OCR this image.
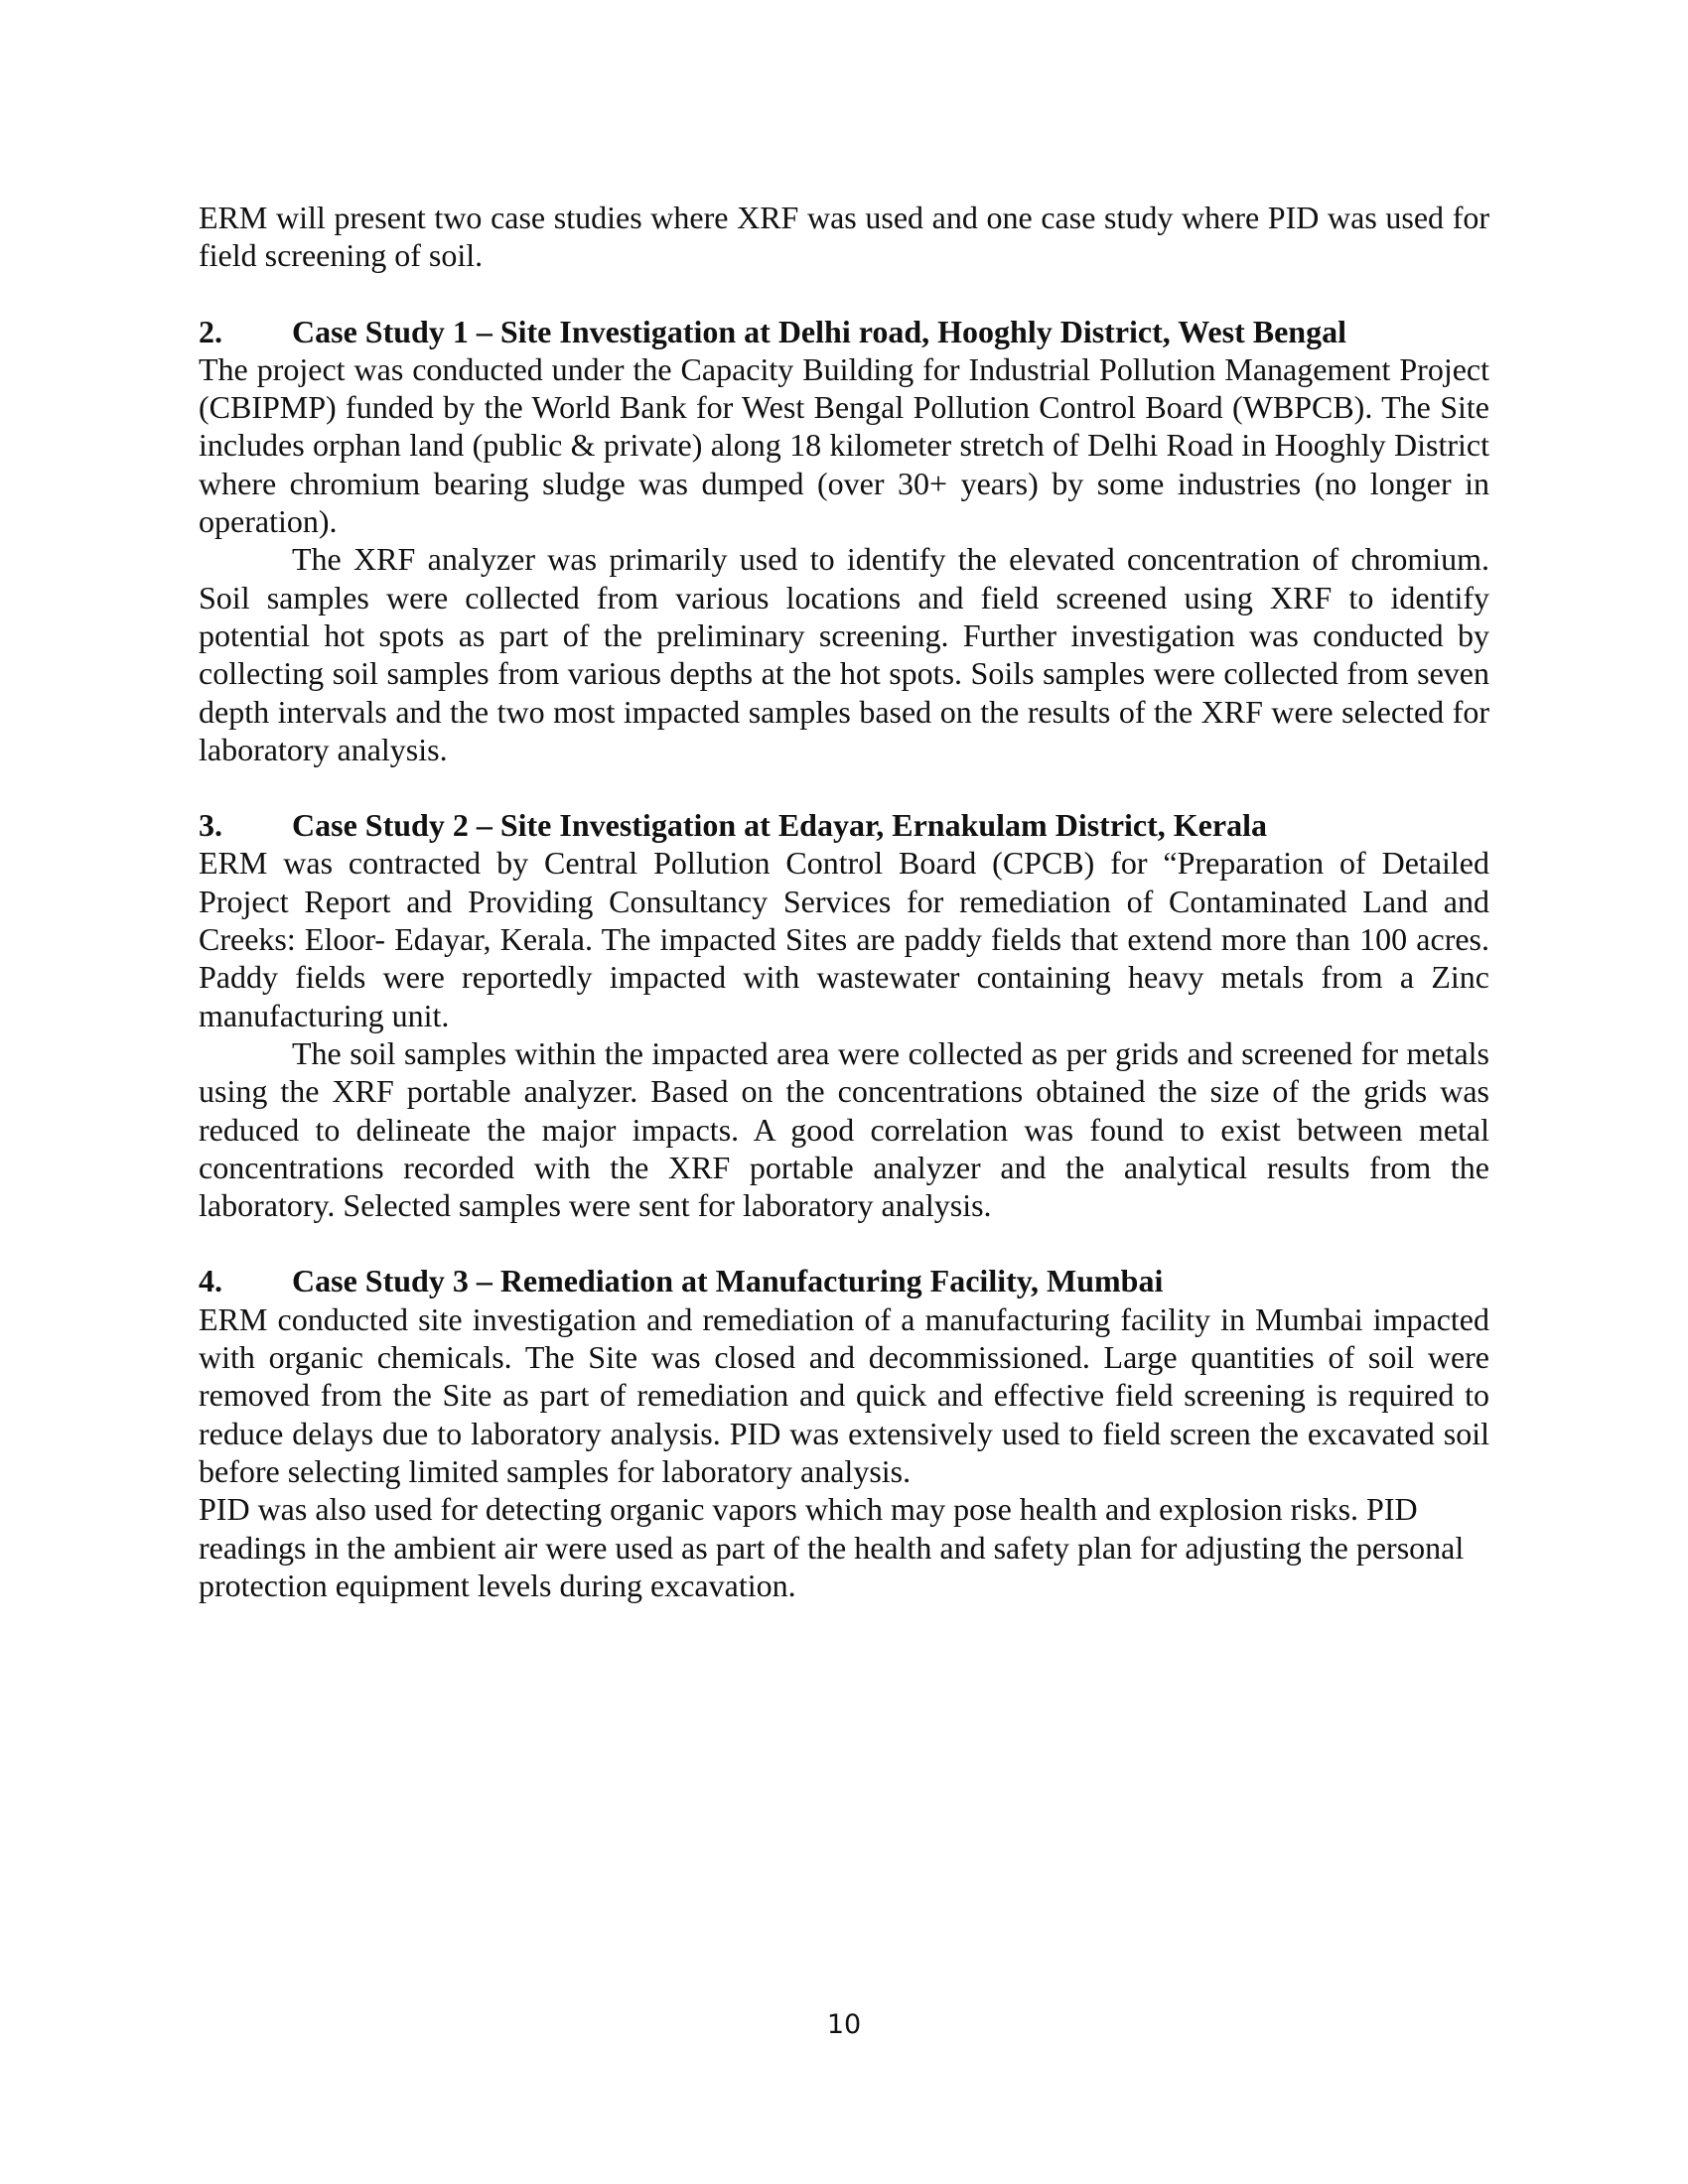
ERM will present two case studies where XRF was used and one case study where PID was used for field screening of soil.

2.	Case Study 1 – Site Investigation at Delhi road, Hooghly District, West Bengal

The project was conducted under the Capacity Building for Industrial Pollution Management Project (CBIPMP) funded by the World Bank for West Bengal Pollution Control Board (WBPCB). The Site includes orphan land (public & private) along 18 kilometer stretch of Delhi Road in Hooghly District where chromium bearing sludge was dumped (over 30+ years) by some industries (no longer in operation).

The XRF analyzer was primarily used to identify the elevated concentration of chromium. Soil samples were collected from various locations and field screened using XRF to identify potential hot spots as part of the preliminary screening. Further investigation was conducted by collecting soil samples from various depths at the hot spots. Soils samples were collected from seven depth intervals and the two most impacted samples based on the results of the XRF were selected for laboratory analysis.

3.	Case Study 2 – Site Investigation at Edayar, Ernakulam District, Kerala

ERM was contracted by Central Pollution Control Board (CPCB) for “Preparation of Detailed Project Report and Providing Consultancy Services for remediation of Contaminated Land and Creeks: Eloor- Edayar, Kerala. The impacted Sites are paddy fields that extend more than 100 acres. Paddy fields were reportedly impacted with wastewater containing heavy metals from a Zinc manufacturing unit.

The soil samples within the impacted area were collected as per grids and screened for metals using the XRF portable analyzer. Based on the concentrations obtained the size of the grids was reduced to delineate the major impacts. A good correlation was found to exist between metal concentrations recorded with the XRF portable analyzer and the analytical results from the laboratory. Selected samples were sent for laboratory analysis.

4.	Case Study 3 – Remediation at Manufacturing Facility, Mumbai

ERM conducted site investigation and remediation of a manufacturing facility in Mumbai impacted with organic chemicals. The Site was closed and decommissioned. Large quantities of soil were removed from the Site as part of remediation and quick and effective field screening is required to reduce delays due to laboratory analysis. PID was extensively used to field screen the excavated soil before selecting limited samples for laboratory analysis.

PID was also used for detecting organic vapors which may pose health and explosion risks. PID readings in the ambient air were used as part of the health and safety plan for adjusting the personal protection equipment levels during excavation.

10
